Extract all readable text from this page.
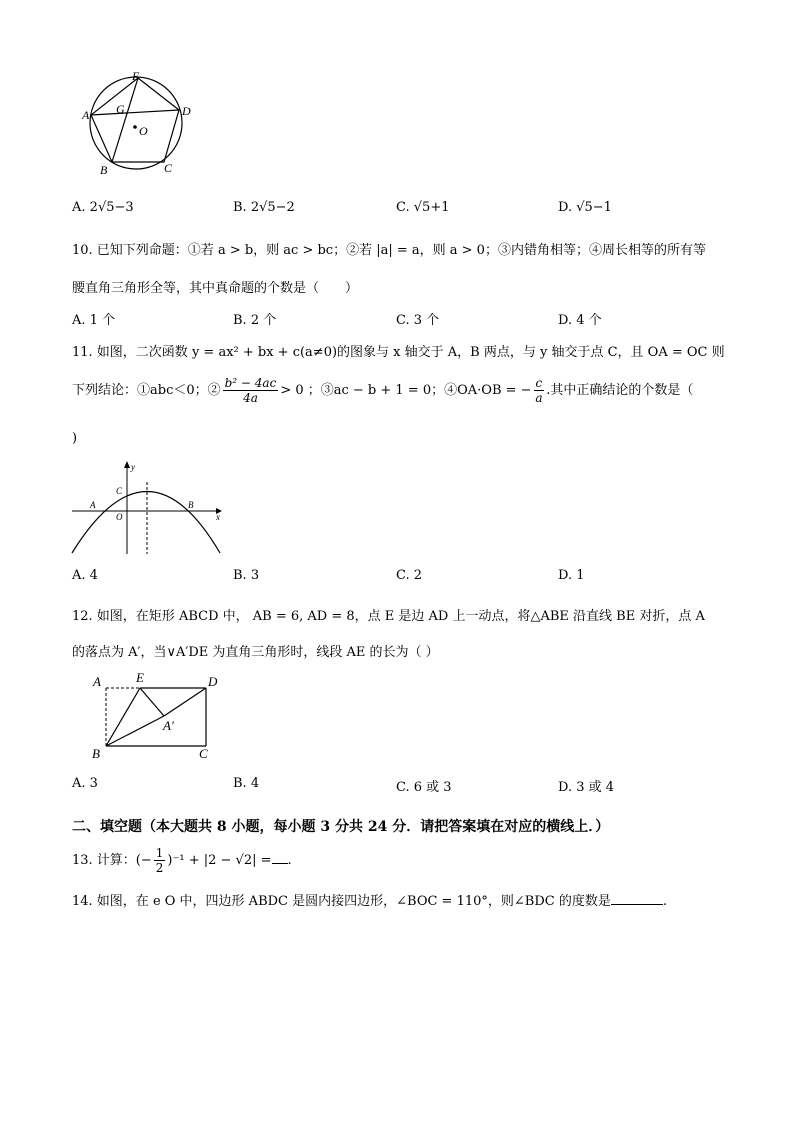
E
G
A	D
O
B	C
A. 2√5−3	B. 2√5−2	C. √5+1	D. √5−1
10. 已知下列命题：①若 a > b，则 ac > bc；②若 |a| = a，则 a > 0；③内错角相等；④周长相等的所有等
腰直角三角形全等，其中真命题的个数是（　　）
A. 1 个	B. 2 个	C. 3 个	D. 4 个
11. 如图，二次函数 y = ax² + bx + c(a≠0)的图象与 x 轴交于 A，B 两点，与 y 轴交于点 C，且 OA = OC 则
下列结论：①abc＜0；② $\frac{\text{b² − 4ac}}{4a} > 0$ ；③ac − b + 1 = 0；④OA·OB = − $\frac{c}{a}$ .其中正确结论的个数是（
)
y
x
C
A
O
B
A. 4	B. 3	C. 2	D. 1
12. 如图，在矩形 ABCD 中， AB = 6, AD = 8，点 E 是边 AD 上一动点，将△ABE 沿直线 BE 对折，点 A
的落点为 A′，当∨A′DE 为直角三角形时，线段 AE 的长为（ ）
A	E	D
A′
B	C
A. 3	B. 4	C. 6 或 3	D. 3 或 4
二、填空题（本大题共 8 小题，每小题 3 分共 24 分．请把答案填在对应的横线上．）
13. 计算：(− $\frac{1}{2} )^{-1} + |2 - √2|$ = .
14. 如图，在 e O 中，四边形 ABDC 是圆内接四边形，∠BOC = 110°，则∠BDC 的度数是	.
